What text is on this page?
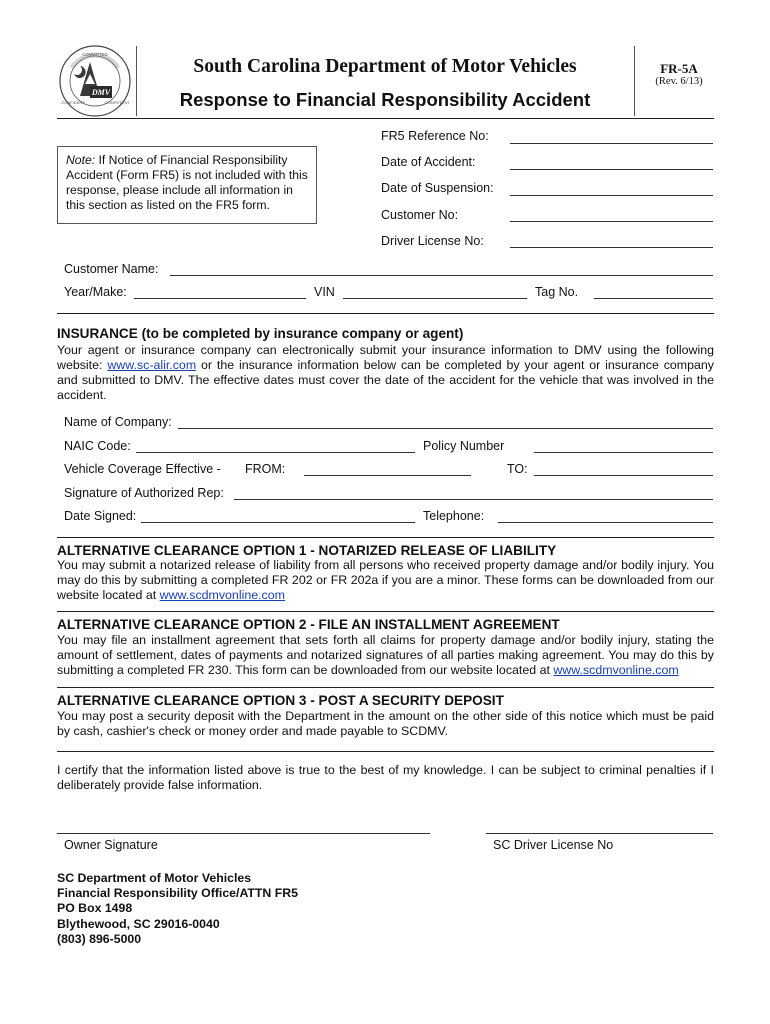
DMV
COMMITTED
CONFIDENT	COMPETENT
South Carolina Department of Motor Vehicles
Response to Financial Responsibility Accident
FR-5A
(Rev. 6/13)
Note: If Notice of Financial Responsibility Accident (Form FR5) is not included with this response, please include all information in this section as listed on the FR5 form.
FR5 Reference No:
Date of Accident:
Date of Suspension:
Customer No:
Driver License No:
Customer Name:
Year/Make:	VIN	Tag No.
INSURANCE (to be completed by insurance company or agent)
Your agent or insurance company can electronically submit your insurance information to DMV using the following website: www.sc-alir.com or the insurance information below can be completed by your agent or insurance company and submitted to DMV. The effective dates must cover the date of the accident for the vehicle that was involved in the accident.
Name of Company:
NAIC Code:	Policy Number
Vehicle Coverage Effective - FROM:	TO:
Signature of Authorized Rep:
Date Signed:	Telephone:
ALTERNATIVE CLEARANCE OPTION 1 - NOTARIZED RELEASE OF LIABILITY
You may submit a notarized release of liability from all persons who received property damage and/or bodily injury. You may do this by submitting a completed FR 202 or FR 202a if you are a minor. These forms can be downloaded from our website located at www.scdmvonline.com
ALTERNATIVE CLEARANCE OPTION 2 - FILE AN INSTALLMENT AGREEMENT
You may file an installment agreement that sets forth all claims for property damage and/or bodily injury, stating the amount of settlement, dates of payments and notarized signatures of all parties making agreement. You may do this by submitting a completed FR 230. This form can be downloaded from our website located at www.scdmvonline.com
ALTERNATIVE CLEARANCE OPTION 3 - POST A SECURITY DEPOSIT
You may post a security deposit with the Department in the amount on the other side of this notice which must be paid by cash, cashier's check or money order and made payable to SCDMV.
I certify that the information listed above is true to the best of my knowledge. I can be subject to criminal penalties if I deliberately provide false information.
Owner Signature	SC Driver License No
SC Department of Motor Vehicles
Financial Responsibility Office/ATTN FR5
PO Box 1498
Blythewood, SC 29016-0040
(803) 896-5000
